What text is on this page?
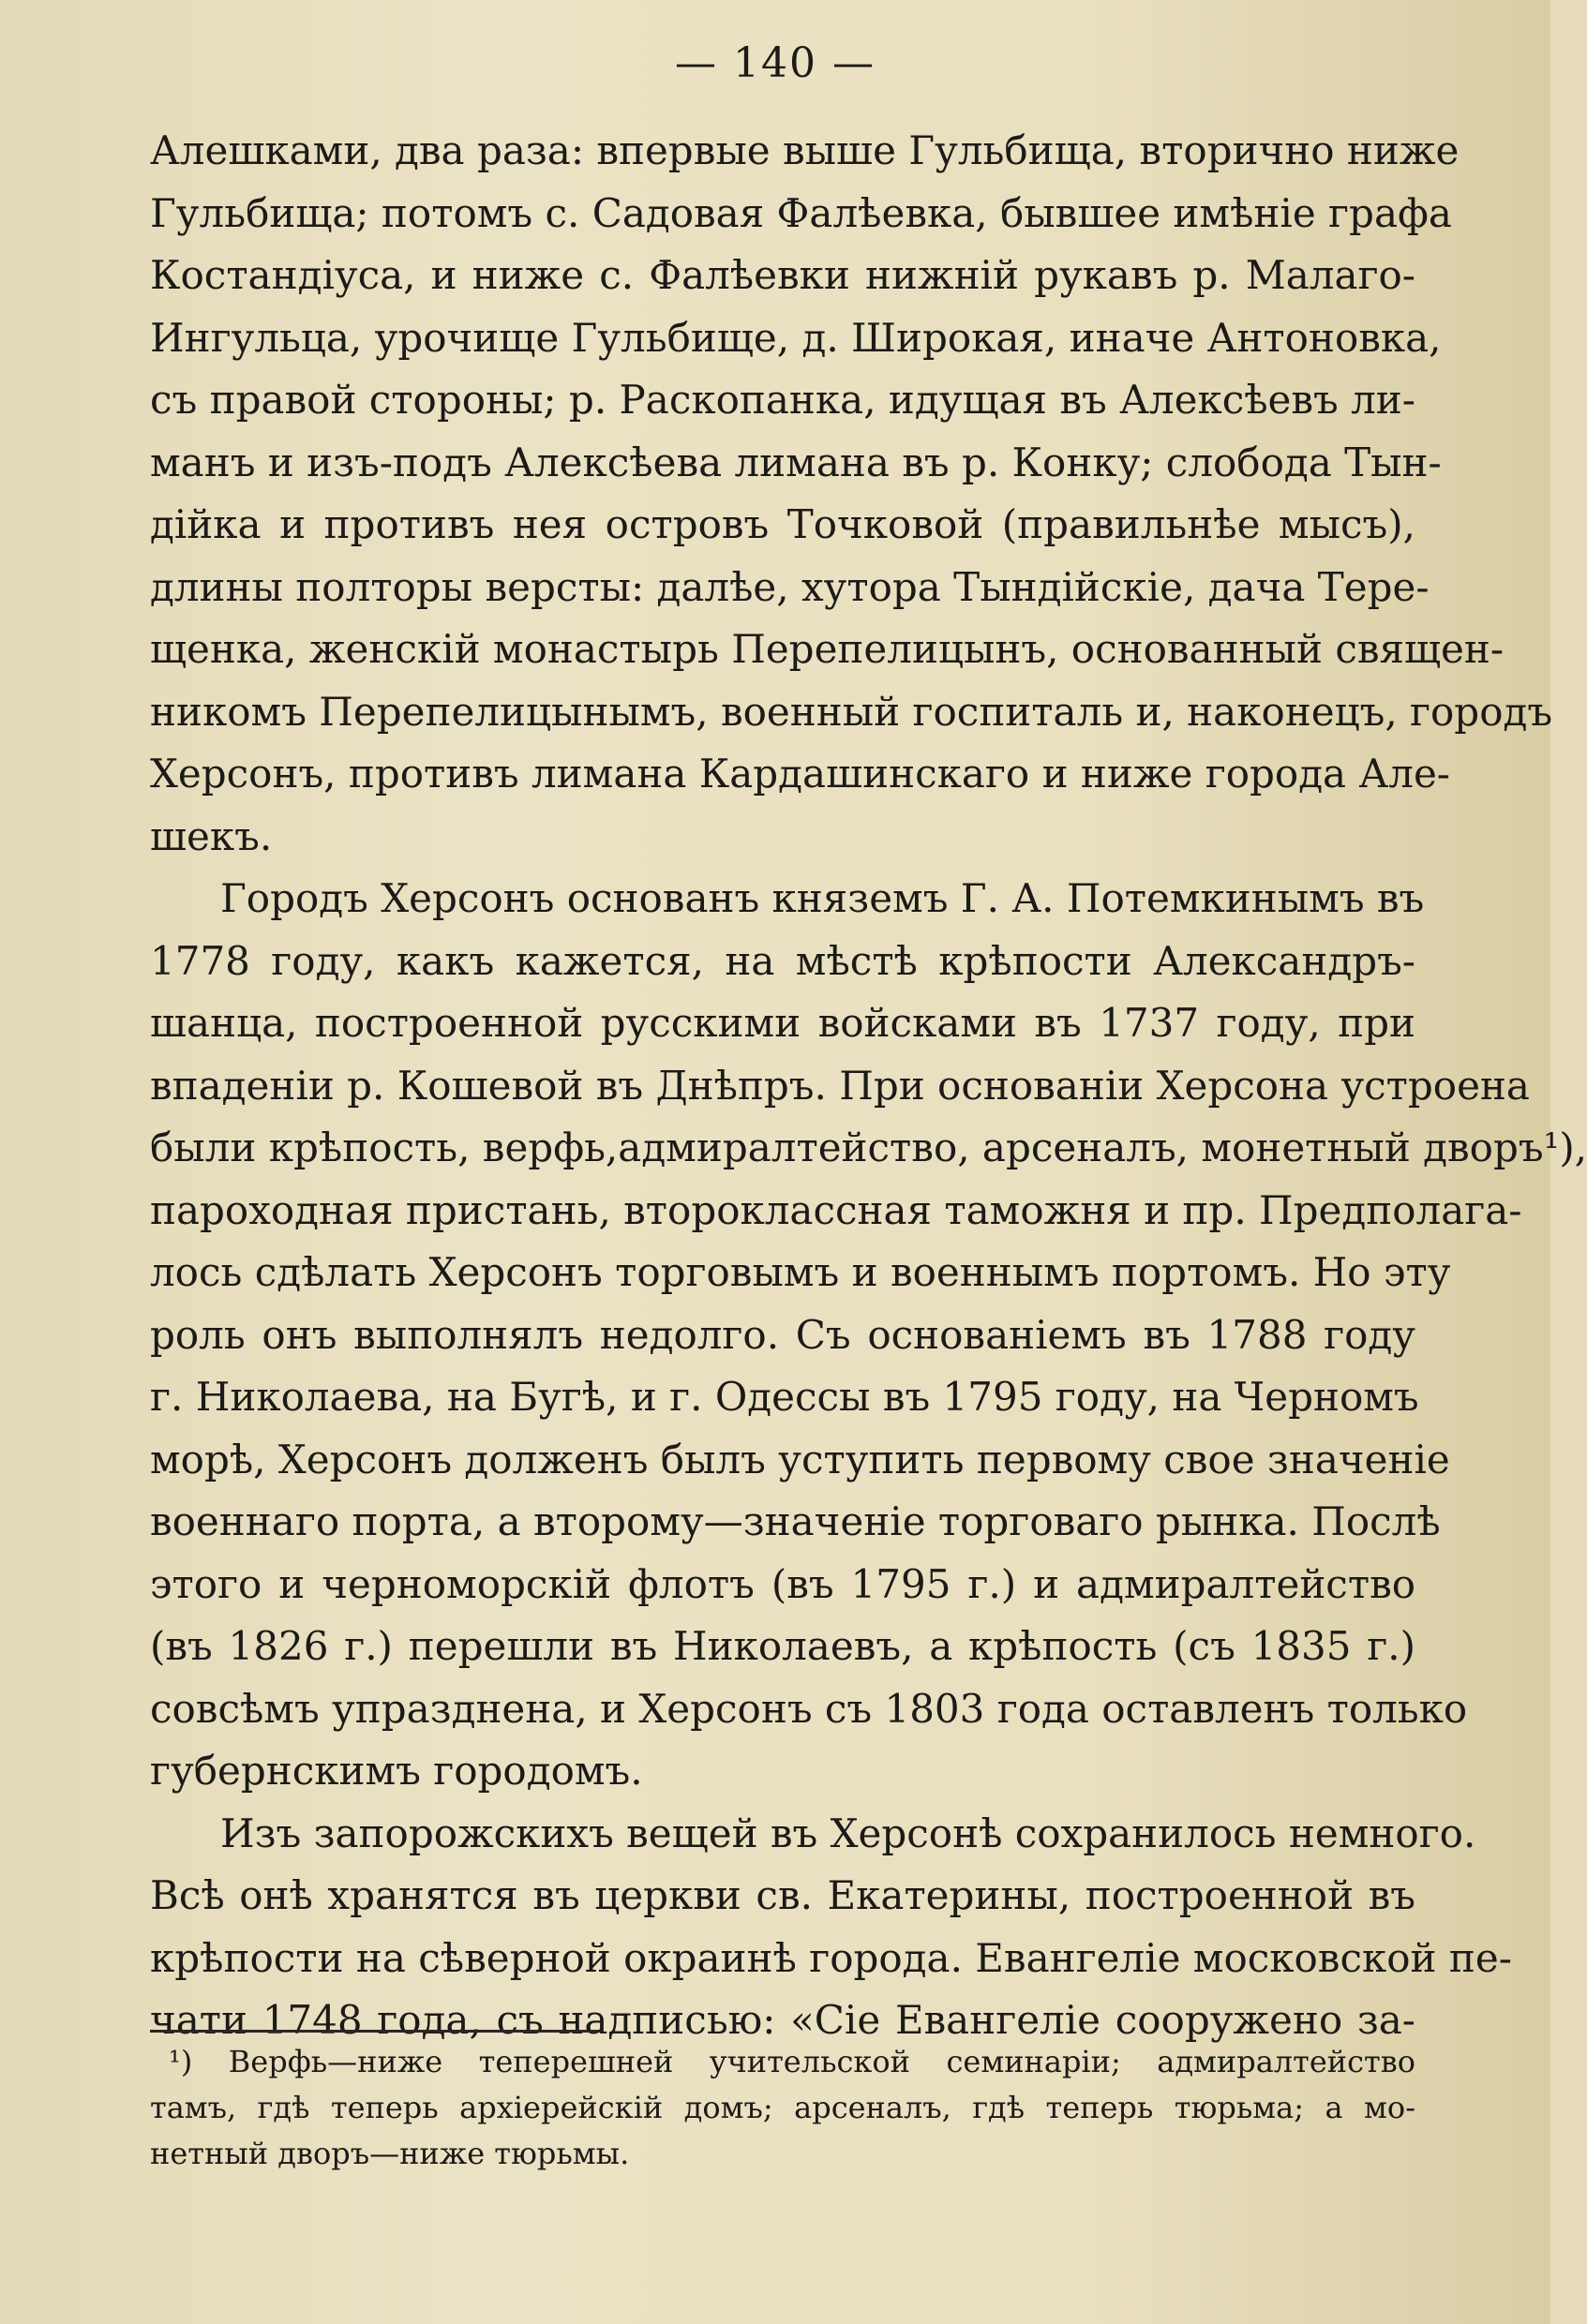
— 140 —
Алешками, два раза: впервые выше Гульбища, вторично ниже
Гульбища; потомъ с. Садовая Фалѣевка, бывшее имѣніе графа
Костандіуса, и ниже с. Фалѣевки нижній рукавъ р. Малаго-
Ингульца, урочище Гульбище, д. Широкая, иначе Антоновка,
съ правой стороны; р. Раскопанка, идущая въ Алексѣевъ ли-
манъ и изъ-подъ Алексѣева лимана въ р. Конку; слобода Тын-
дійка и противъ нея островъ Точковой (правильнѣе мысъ),
длины полторы версты: далѣе, хутора Тындійскіе, дача Тере-
щенка, женскій монастырь Перепелицынъ, основанный священ-
никомъ Перепелицынымъ, военный госпиталь и, наконецъ, городъ
Херсонъ, противъ лимана Кардашинскаго и ниже города Але-
шекъ.
Городъ Херсонъ основанъ княземъ Г. А. Потемкинымъ въ
1778 году, какъ кажется, на мѣстѣ крѣпости Александръ-
шанца, построенной русскими войсками въ 1737 году, при
впаденіи р. Кошевой въ Днѣпръ. При основаніи Херсона устроена
были крѣпость, верфь,адмиралтейство, арсеналъ, монетный дворъ¹),
пароходная пристань, второклассная таможня и пр. Предполага-
лось сдѣлать Херсонъ торговымъ и военнымъ портомъ. Но эту
роль онъ выполнялъ недолго. Съ основаніемъ въ 1788 году
г. Николаева, на Бугѣ, и г. Одессы въ 1795 году, на Черномъ
морѣ, Херсонъ долженъ былъ уступить первому свое значеніе
военнаго порта, а второму—значеніе торговаго рынка. Послѣ
этого и черноморскій флотъ (въ 1795 г.) и адмиралтейство
(въ 1826 г.) перешли въ Николаевъ, а крѣпость (съ 1835 г.)
совсѣмъ упразднена, и Херсонъ съ 1803 года оставленъ только
губернскимъ городомъ.
Изъ запорожскихъ вещей въ Херсонѣ сохранилось немного.
Всѣ онѣ хранятся въ церкви св. Екатерины, построенной въ
крѣпости на сѣверной окраинѣ города. Евангеліе московской пе-
чати 1748 года, съ надписью: «Сіе Евангеліе сооружено за-
¹) Верфь—ниже теперешней учительской семинаріи; адмиралтейство
тамъ, гдѣ теперь архіерейскій домъ; арсеналъ, гдѣ теперь тюрьма; а мо-
нетный дворъ—ниже тюрьмы.
